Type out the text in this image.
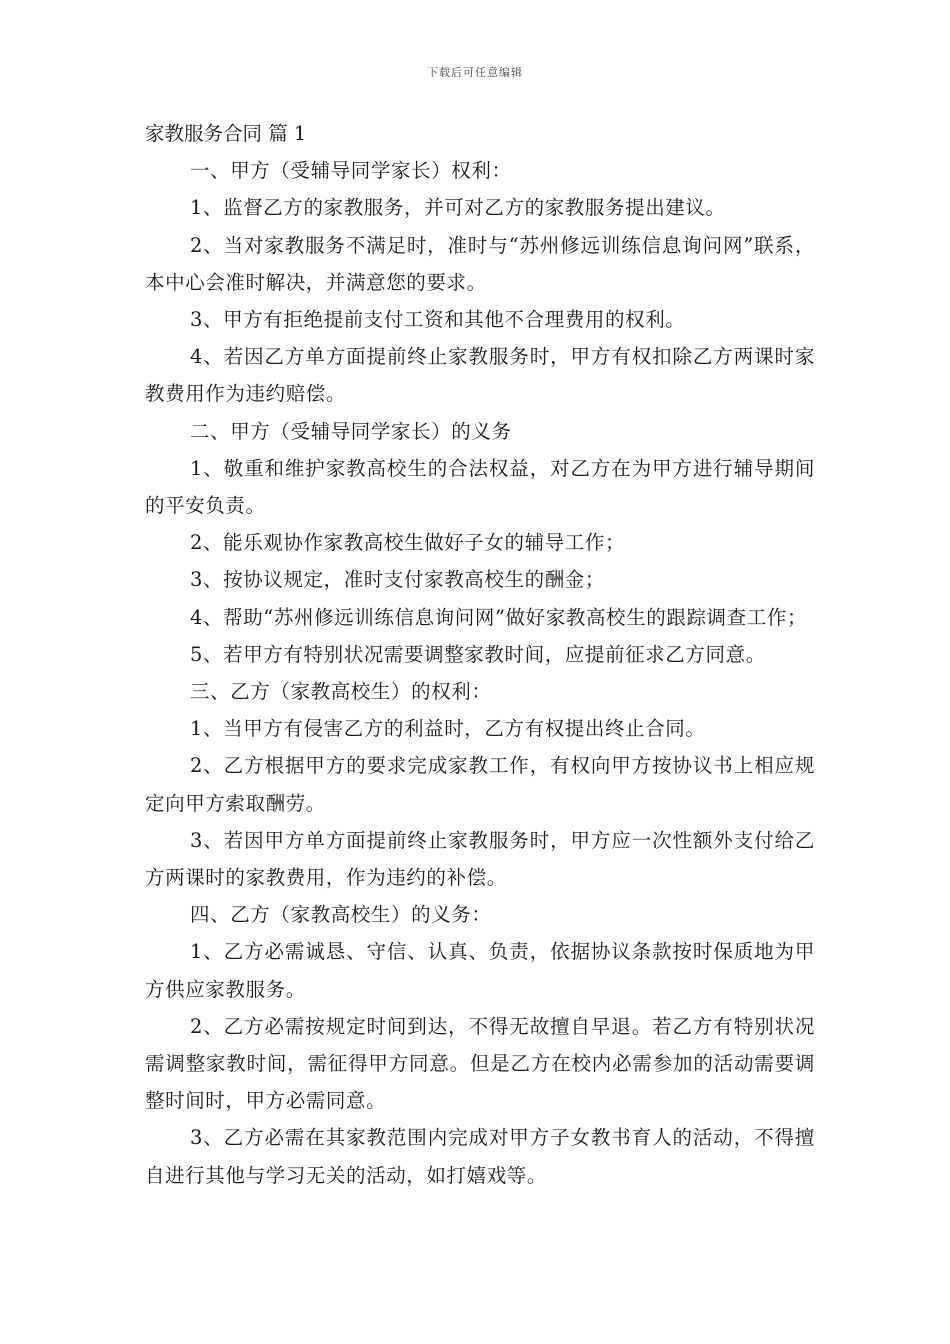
下载后可任意编辑
家教服务合同 篇 1

一、甲方（受辅导同学家长）权利：

1、监督乙方的家教服务，并可对乙方的家教服务提出建议。

2、当对家教服务不满足时，准时与“苏州修远训练信息询问网”联系，本中心会准时解决，并满意您的要求。

3、甲方有拒绝提前支付工资和其他不合理费用的权利。

4、若因乙方单方面提前终止家教服务时，甲方有权扣除乙方两课时家教费用作为违约赔偿。

二、甲方（受辅导同学家长）的义务

1、敬重和维护家教高校生的合法权益，对乙方在为甲方进行辅导期间的平安负责。

2、能乐观协作家教高校生做好子女的辅导工作；

3、按协议规定，准时支付家教高校生的酬金；

4、帮助“苏州修远训练信息询问网”做好家教高校生的跟踪调查工作；

5、若甲方有特别状况需要调整家教时间，应提前征求乙方同意。

三、乙方（家教高校生）的权利：

1、当甲方有侵害乙方的利益时，乙方有权提出终止合同。

2、乙方根据甲方的要求完成家教工作，有权向甲方按协议书上相应规定向甲方索取酬劳。

3、若因甲方单方面提前终止家教服务时，甲方应一次性额外支付给乙方两课时的家教费用，作为违约的补偿。

四、乙方（家教高校生）的义务：

1、乙方必需诚恳、守信、认真、负责，依据协议条款按时保质地为甲方供应家教服务。

2、乙方必需按规定时间到达，不得无故擅自早退。若乙方有特别状况需调整家教时间，需征得甲方同意。但是乙方在校内必需参加的活动需要调整时间时，甲方必需同意。

3、乙方必需在其家教范围内完成对甲方子女教书育人的活动，不得擅自进行其他与学习无关的活动，如打嬉戏等。
